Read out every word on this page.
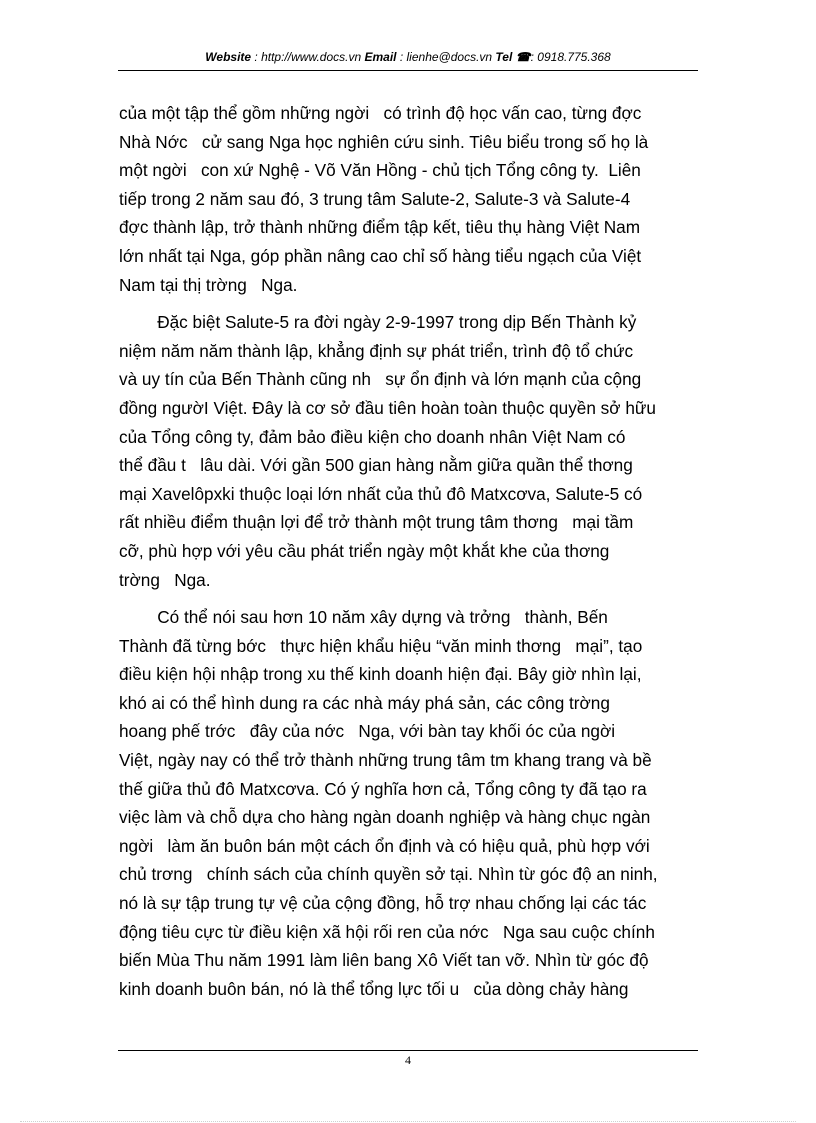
Website : http://www.docs.vn Email : lienhe@docs.vn Tel ☎: 0918.775.368
của một tập thể gồm những ngời   có trình độ học vấn cao, từng đợc
Nhà Nớc   cử sang Nga học nghiên cứu sinh. Tiêu biểu trong số họ là
một ngời   con xứ Nghệ - Võ Văn Hồng - chủ tịch Tổng công ty.  Liên
tiếp trong 2 năm sau đó, 3 trung tâm Salute-2, Salute-3 và Salute-4
đợc thành lập, trở thành những điểm tập kết, tiêu thụ hàng Việt Nam
lớn nhất tại Nga, góp phần nâng cao chỉ số hàng tiểu ngạch của Việt
Nam tại thị trờng   Nga.
Đặc biệt Salute-5 ra đời ngày 2-9-1997 trong dịp Bến Thành kỷ
niệm năm năm thành lập, khẳng định sự phát triển, trình độ tổ chức
và uy tín của Bến Thành cũng nh   sự ổn định và lớn mạnh của cộng
đồng ngườI Việt. Đây là cơ sở đầu tiên hoàn toàn thuộc quyền sở hữu
của Tổng công ty, đảm bảo điều kiện cho doanh nhân Việt Nam có
thể đầu t   lâu dài. Với gần 500 gian hàng nằm giữa quần thể thơng
mại Xavelôpxki thuộc loại lớn nhất của thủ đô Matxcơva, Salute-5 có
rất nhiều điểm thuận lợi để trở thành một trung tâm thơng   mại tầm
cỡ, phù hợp với yêu cầu phát triển ngày một khắt khe của thơng
trờng   Nga.
Có thể nói sau hơn 10 năm xây dựng và trởng   thành, Bến
Thành đã từng bớc   thực hiện khẩu hiệu “văn minh thơng   mại”, tạo
điều kiện hội nhập trong xu thế kinh doanh hiện đại. Bây giờ nhìn lại,
khó ai có thể hình dung ra các nhà máy phá sản, các công trờng
hoang phế trớc   đây của nớc   Nga, với bàn tay khối óc của ngời
Việt, ngày nay có thể trở thành những trung tâm tm khang trang và bề
thế giữa thủ đô Matxcơva. Có ý nghĩa hơn cả, Tổng công ty đã tạo ra
việc làm và chỗ dựa cho hàng ngàn doanh nghiệp và hàng chục ngàn
ngời   làm ăn buôn bán một cách ổn định và có hiệu quả, phù hợp với
chủ trơng   chính sách của chính quyền sở tại. Nhìn từ góc độ an ninh,
nó là sự tập trung tự vệ của cộng đồng, hỗ trợ nhau chống lại các tác
động tiêu cực từ điều kiện xã hội rối ren của nớc   Nga sau cuộc chính
biến Mùa Thu năm 1991 làm liên bang Xô Viết tan vỡ. Nhìn từ góc độ
kinh doanh buôn bán, nó là thể tổng lực tối u   của dòng chảy hàng
4
